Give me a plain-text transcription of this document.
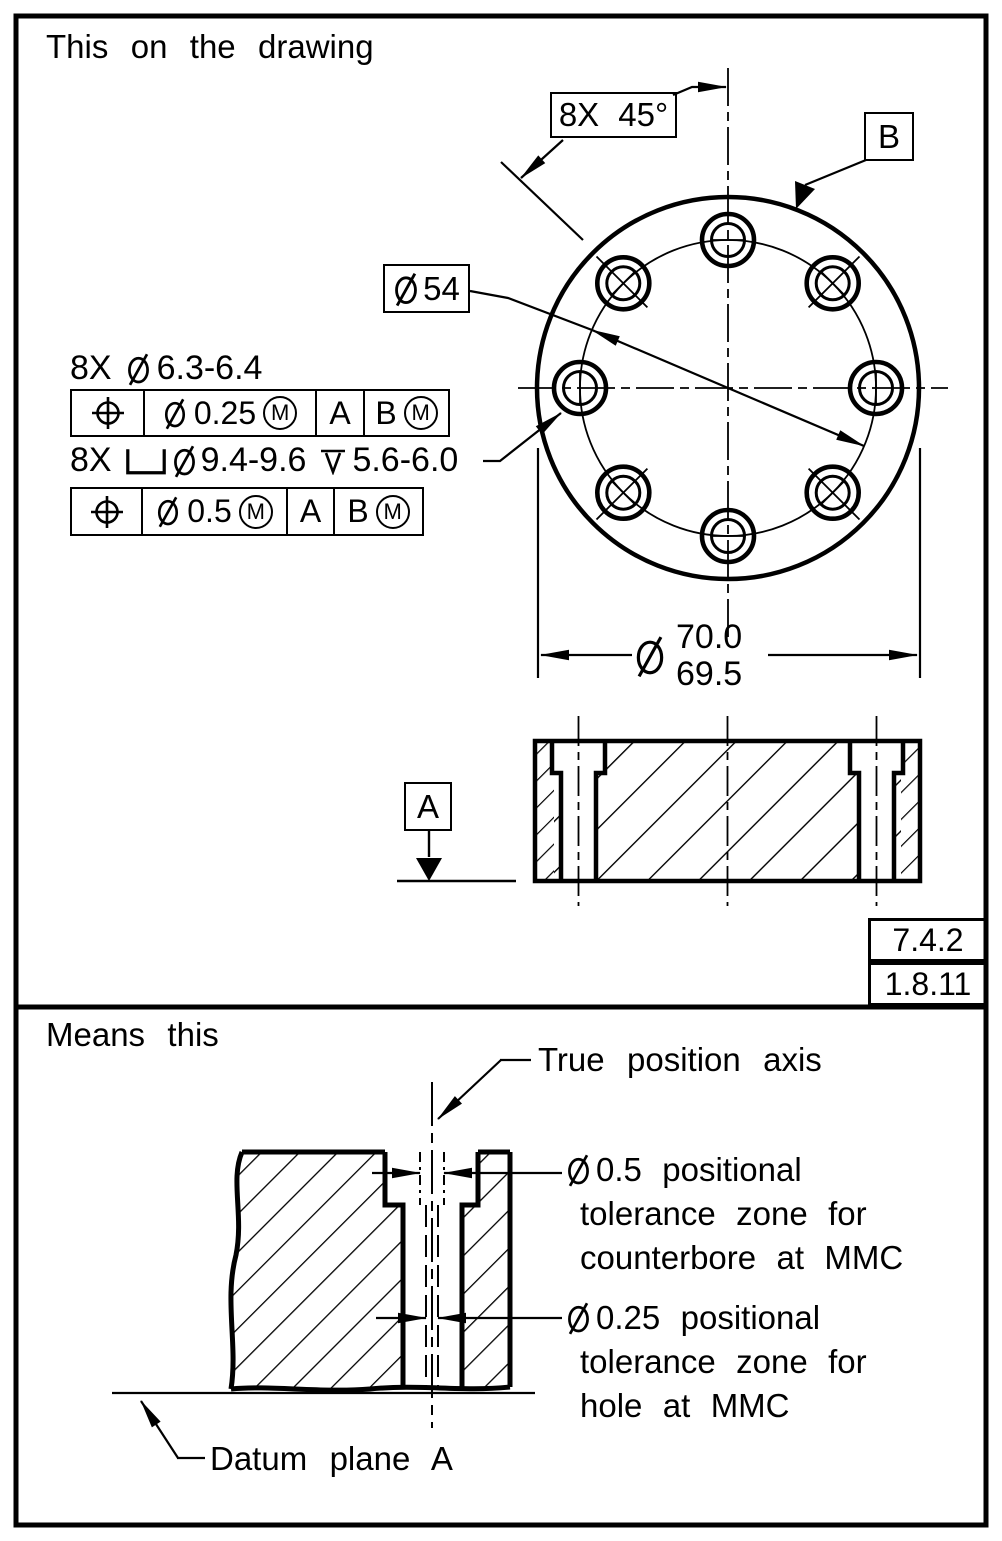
This on the drawing
8X 6.3-6.4
0.25 M A B M
8X	9.4-9.6 5.6-6.0
0.5 M A B M
8X 45°
B
54
A
70.0
69.5
7.4.2
1.8.11
Means this
True position axis
0.5 positional
tolerance zone for
counterbore at MMC
0.25 positional
tolerance zone for
hole at MMC
Datum plane A
